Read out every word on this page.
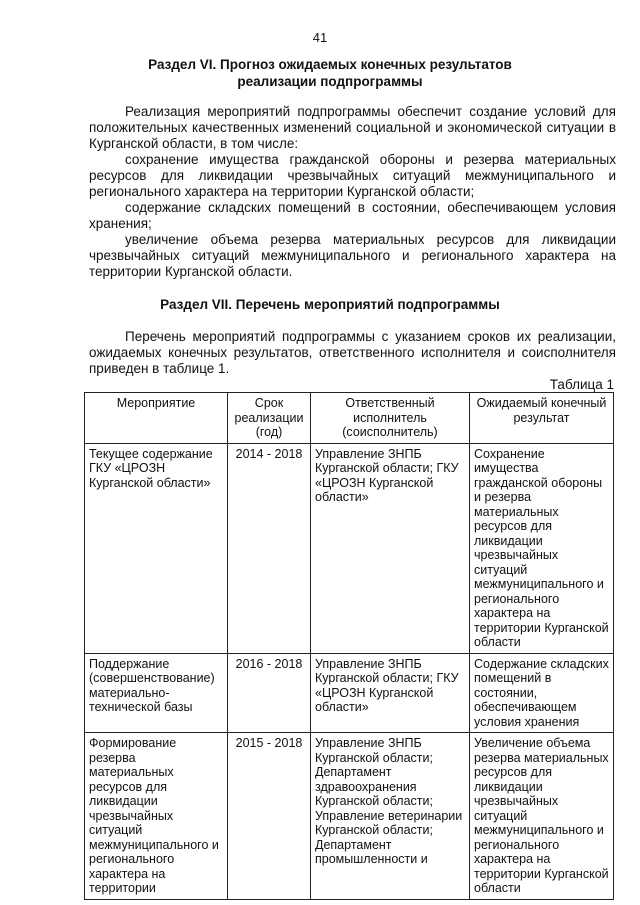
41
Раздел VI. Прогноз ожидаемых конечных результатов
реализации подпрограммы
Реализация мероприятий подпрограммы обеспечит создание условий для положительных качественных изменений социальной и экономической ситуации в Курганской области, в том числе:
сохранение имущества гражданской обороны и резерва материальных ресурсов для ликвидации чрезвычайных ситуаций межмуниципального и регионального характера на территории Курганской области;
содержание складских помещений в состоянии, обеспечивающем условия хранения;
увеличение объема резерва материальных ресурсов для ликвидации чрезвычайных ситуаций межмуниципального и регионального характера на территории Курганской области.
Раздел VII. Перечень мероприятий подпрограммы
Перечень мероприятий подпрограммы с указанием сроков их реализации, ожидаемых конечных результатов, ответственного исполнителя и соисполнителя приведен в таблице 1.
Таблица 1
Мероприятие	Срок реализации (год)	Ответственный исполнитель (соисполнитель)	Ожидаемый конечный результат
Текущее содержание ГКУ «ЦРОЗН Курганской области»	2014 - 2018	Управление ЗНПБ Курганской области; ГКУ «ЦРОЗН Курганской области»	Сохранение имущества гражданской обороны и резерва материальных ресурсов для ликвидации чрезвычайных ситуаций межмуниципального и регионального характера на территории Курганской области
Поддержание (совершенствование) материально-технической базы	2016 - 2018	Управление ЗНПБ Курганской области; ГКУ «ЦРОЗН Курганской области»	Содержание складских помещений в состоянии, обеспечивающем условия хранения
Формирование резерва материальных ресурсов для ликвидации чрезвычайных ситуаций межмуниципального и регионального характера на территории	2015 - 2018	Управление ЗНПБ Курганской области; Департамент здравоохранения Курганской области; Управление ветеринарии Курганской области; Департамент промышленности и	Увеличение объема резерва материальных ресурсов для ликвидации чрезвычайных ситуаций межмуниципального и регионального характера на территории Курганской области
